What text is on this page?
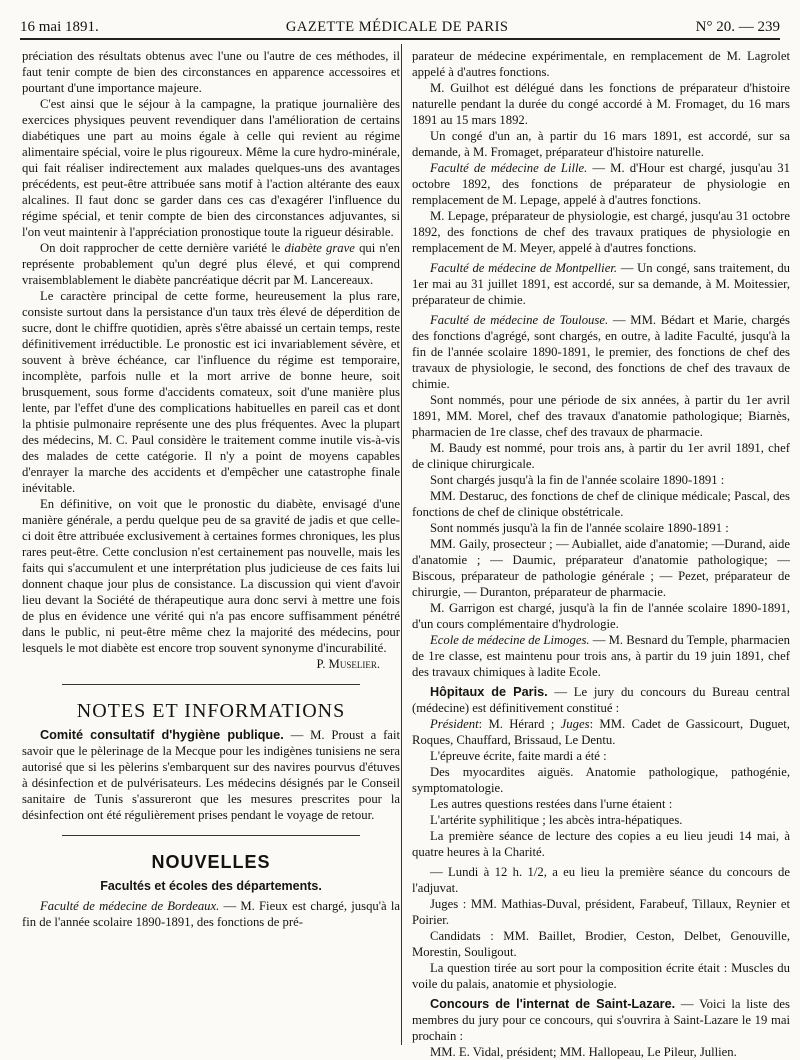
16 mai 1891.	GAZETTE MÉDICALE DE PARIS	N° 20. — 239

préciation des résultats obtenus avec l'une ou l'autre de ces méthodes, il faut tenir compte de bien des circonstances en apparence accessoires et pourtant d'une importance majeure.

C'est ainsi que le séjour à la campagne, la pratique journalière des exercices physiques peuvent revendiquer dans l'amélioration de certains diabétiques une part au moins égale à celle qui revient au régime alimentaire spécial, voire le plus rigoureux. Même la cure hydro-minérale, qui fait réaliser indirectement aux malades quelques-uns des avantages précédents, est peut-être attribuée sans motif à l'action altérante des eaux alcalines. Il faut donc se garder dans ces cas d'exagérer l'influence du régime spécial, et tenir compte de bien des circonstances adjuvantes, si l'on veut maintenir à l'appréciation pronostique toute la rigueur désirable.

On doit rapprocher de cette dernière variété le diabète grave qui n'en représente probablement qu'un degré plus élevé, et qui comprend vraisemblablement le diabète pancréatique décrit par M. Lancereaux.

Le caractère principal de cette forme, heureusement la plus rare, consiste surtout dans la persistance d'un taux très élevé de déperdition de sucre, dont le chiffre quotidien, après s'être abaissé un certain temps, reste définitivement irréductible. Le pronostic est ici invariablement sévère, et souvent à brève échéance, car l'influence du régime est temporaire, incomplète, parfois nulle et la mort arrive de bonne heure, soit brusquement, sous forme d'accidents comateux, soit d'une manière plus lente, par l'effet d'une des complications habituelles en pareil cas et dont la phtisie pulmonaire représente une des plus fréquentes. Avec la plupart des médecins, M. C. Paul considère le traitement comme inutile vis-à-vis des malades de cette catégorie. Il n'y a point de moyens capables d'enrayer la marche des accidents et d'empêcher une catastrophe finale inévitable.

En définitive, on voit que le pronostic du diabète, envisagé d'une manière générale, a perdu quelque peu de sa gravité de jadis et que celle-ci doit être attribuée exclusivement à certaines formes chroniques, les plus rares peut-être. Cette conclusion n'est certainement pas nouvelle, mais les faits qui s'accumulent et une interprétation plus judicieuse de ces faits lui donnent chaque jour plus de consistance. La discussion qui vient d'avoir lieu devant la Société de thérapeutique aura donc servi à mettre une fois de plus en évidence une vérité qui n'a pas encore suffisamment pénétré dans le public, ni peut-être même chez la majorité des médecins, pour lesquels le mot diabète est encore trop souvent synonyme d'incurabilité.

P. Muselier.

NOTES ET INFORMATIONS

Comité consultatif d'hygiène publique. — M. Proust a fait savoir que le pèlerinage de la Mecque pour les indigènes tunisiens ne sera autorisé que si les pèlerins s'embarquent sur des navires pourvus d'étuves à désinfection et de pulvérisateurs. Les médecins désignés par le Conseil sanitaire de Tunis s'assureront que les mesures prescrites pour la désinfection ont été régulièrement prises pendant le voyage de retour.

NOUVELLES
Facultés et écoles des départements.

Faculté de médecine de Bordeaux. — M. Fieux est chargé, jusqu'à la fin de l'année scolaire 1890-1891, des fonctions de pré-

parateur de médecine expérimentale, en remplacement de M. Lagrolet appelé à d'autres fonctions.

M. Guilhot est délégué dans les fonctions de préparateur d'histoire naturelle pendant la durée du congé accordé à M. Fromaget, du 16 mars 1891 au 15 mars 1892.

Un congé d'un an, à partir du 16 mars 1891, est accordé, sur sa demande, à M. Fromaget, préparateur d'histoire naturelle.

Faculté de médecine de Lille. — M. d'Hour est chargé, jusqu'au 31 octobre 1892, des fonctions de préparateur de physiologie en remplacement de M. Lepage, appelé à d'autres fonctions.

M. Lepage, préparateur de physiologie, est chargé, jusqu'au 31 octobre 1892, des fonctions de chef des travaux pratiques de physiologie en remplacement de M. Meyer, appelé à d'autres fonctions.

Faculté de médecine de Montpellier. — Un congé, sans traitement, du 1er mai au 31 juillet 1891, est accordé, sur sa demande, à M. Moitessier, préparateur de chimie.

Faculté de médecine de Toulouse. — MM. Bédart et Marie, chargés des fonctions d'agrégé, sont chargés, en outre, à ladite Faculté, jusqu'à la fin de l'année scolaire 1890-1891, le premier, des fonctions de chef des travaux de physiologie, le second, des fonctions de chef des travaux de chimie.

Sont nommés, pour une période de six années, à partir du 1er avril 1891, MM. Morel, chef des travaux d'anatomie pathologique; Biarnès, pharmacien de 1re classe, chef des travaux de pharmacie.

M. Baudy est nommé, pour trois ans, à partir du 1er avril 1891, chef de clinique chirurgicale.

Sont chargés jusqu'à la fin de l'année scolaire 1890-1891 :

MM. Destaruc, des fonctions de chef de clinique médicale; Pascal, des fonctions de chef de clinique obstétricale.

Sont nommés jusqu'à la fin de l'année scolaire 1890-1891 :

MM. Gaily, prosecteur ; — Aubiallet, aide d'anatomie; —Durand, aide d'anatomie ; — Daumic, préparateur d'anatomie pathologique; — Biscous, préparateur de pathologie générale ; — Pezet, préparateur de chirurgie, — Duranton, préparateur de pharmacie.

M. Garrigon est chargé, jusqu'à la fin de l'année scolaire 1890-1891, d'un cours complémentaire d'hydrologie.

Ecole de médecine de Limoges. — M. Besnard du Temple, pharmacien de 1re classe, est maintenu pour trois ans, à partir du 19 juin 1891, chef des travaux chimiques à ladite Ecole.

Hôpitaux de Paris. — Le jury du concours du Bureau central (médecine) est définitivement constitué :

Président: M. Hérard ; Juges: MM. Cadet de Gassicourt, Duguet, Roques, Chauffard, Brissaud, Le Dentu.

L'épreuve écrite, faite mardi a été :

Des myocardites aiguës. Anatomie pathologique, pathogénie, symptomatologie.

Les autres questions restées dans l'urne étaient :

L'artérite syphilitique ; les abcès intra-hépatiques.

La première séance de lecture des copies a eu lieu jeudi 14 mai, à quatre heures à la Charité.

— Lundi à 12 h. 1/2, a eu lieu la première séance du concours de l'adjuvat.

Juges : MM. Mathias-Duval, président, Farabeuf, Tillaux, Reynier et Poirier.

Candidats : MM. Baillet, Brodier, Ceston, Delbet, Genouville, Morestin, Souligout.

La question tirée au sort pour la composition écrite était : Muscles du voile du palais, anatomie et physiologie.

Concours de l'internat de Saint-Lazare. — Voici la liste des membres du jury pour ce concours, qui s'ouvrira à Saint-Lazare le 19 mai prochain :

MM. E. Vidal, président; MM. Hallopeau, Le Pileur, Jullien.
